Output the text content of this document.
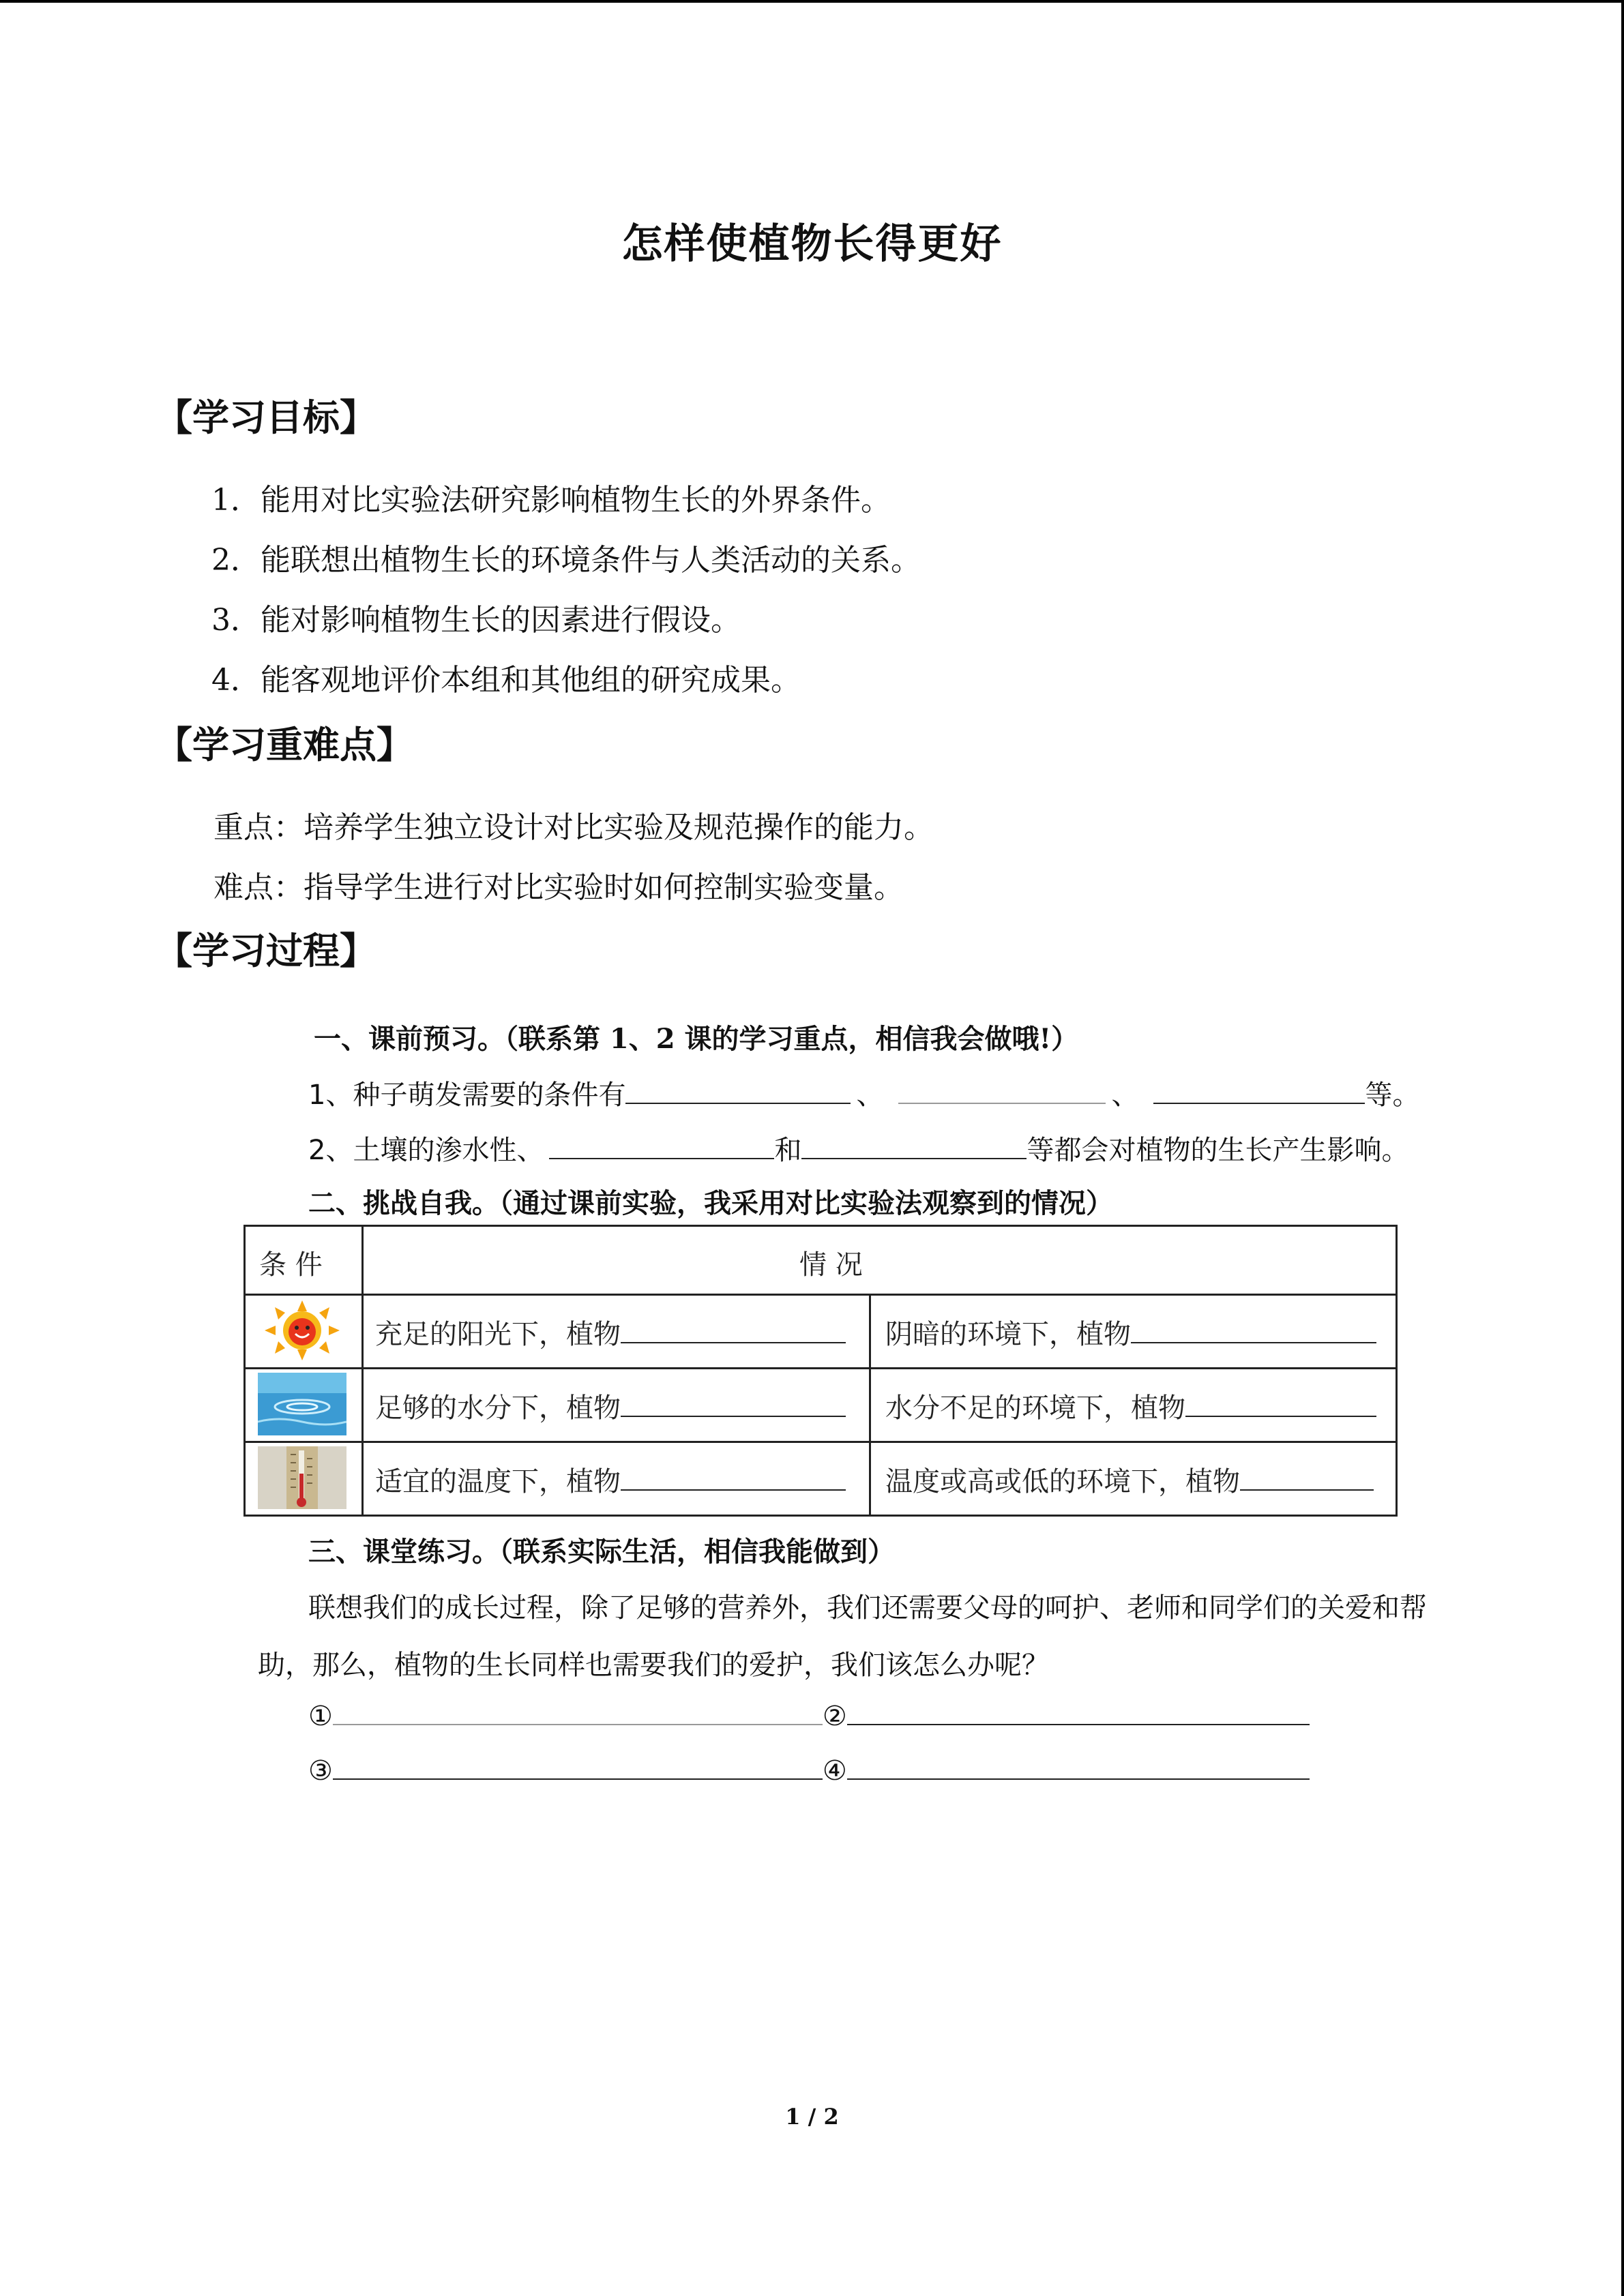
怎样使植物长得更好
【学习目标】
1．能用对比实验法研究影响植物生长的外界条件。
2．能联想出植物生长的环境条件与人类活动的关系。
3．能对影响植物生长的因素进行假设。
4．能客观地评价本组和其他组的研究成果。
【学习重难点】
重点：培养学生独立设计对比实验及规范操作的能力。
难点：指导学生进行对比实验时如何控制实验变量。
【学习过程】
一、课前预习。（联系第 1、2 课的学习重点，相信我会做哦!）
1、种子萌发需要的条件有	、	、	等。
2、土壤的渗水性、	和	等都会对植物的生长产生影响。
二、挑战自我。（通过课前实验，我采用对比实验法观察到的情况）
条 件	情 况
充足的阳光下，植物	阴暗的环境下，植物
足够的水分下，植物	水分不足的环境下，植物
适宜的温度下，植物	温度或高或低的环境下，植物
三、课堂练习。（联系实际生活，相信我能做到）
联想我们的成长过程，除了足够的营养外，我们还需要父母的呵护、老师和同学们的关爱和帮
助，那么，植物的生长同样也需要我们的爱护，我们该怎么办呢？
①	②
③	④
1 / 2
